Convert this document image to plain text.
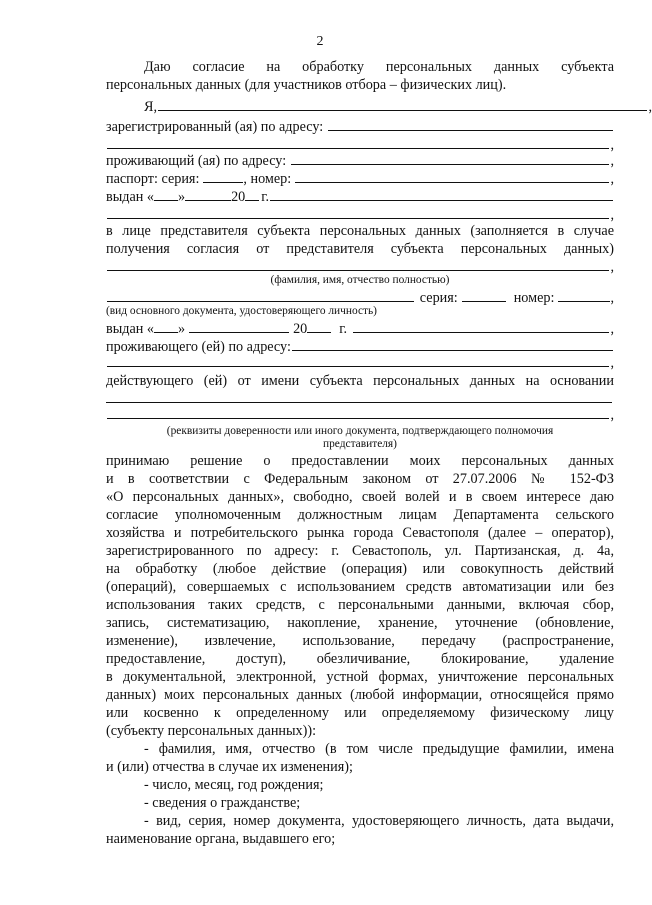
2
Даю согласие на обработку персональных данных субъекта
персональных данных (для участников отбора – физических лиц).
Я,	,
зарегистрированный (ая) по адресу:
,
проживающий (ая) по адресу:	,
паспорт: серия:	, номер:	,
выдан « »	20 г.
,
в лице представителя субъекта персональных данных (заполняется в случае
получения согласия от представителя субъекта персональных данных)
,
(фамилия, имя, отчество полностью)
серия:	номер:	,
(вид основного документа, удостоверяющего личность)
выдан « »	20 г.	,
проживающего (ей) по адресу:
,
действующего (ей) от имени субъекта персональных данных на основании
,
(реквизиты доверенности или иного документа, подтверждающего полномочия
представителя)
принимаю решение о предоставлении моих персональных данных
и в соответствии с Федеральным законом от 27.07.2006 № 152-ФЗ
«О персональных данных», свободно, своей волей и в своем интересе даю
согласие уполномоченным должностным лицам Департамента сельского
хозяйства и потребительского рынка города Севастополя (далее – оператор),
зарегистрированного по адресу: г. Севастополь, ул. Партизанская, д. 4а,
на обработку (любое действие (операция) или совокупность действий
(операций), совершаемых с использованием средств автоматизации или без
использования таких средств, с персональными данными, включая сбор,
запись, систематизацию, накопление, хранение, уточнение (обновление,
изменение), извлечение, использование, передачу (распространение,
предоставление, доступ), обезличивание, блокирование, удаление
в документальной, электронной, устной формах, уничтожение персональных
данных) моих персональных данных (любой информации, относящейся прямо
или косвенно к определенному или определяемому физическому лицу
(субъекту персональных данных)):
- фамилия, имя, отчество (в том числе предыдущие фамилии, имена
и (или) отчества в случае их изменения);
- число, месяц, год рождения;
- сведения о гражданстве;
- вид, серия, номер документа, удостоверяющего личность, дата выдачи,
наименование органа, выдавшего его;
